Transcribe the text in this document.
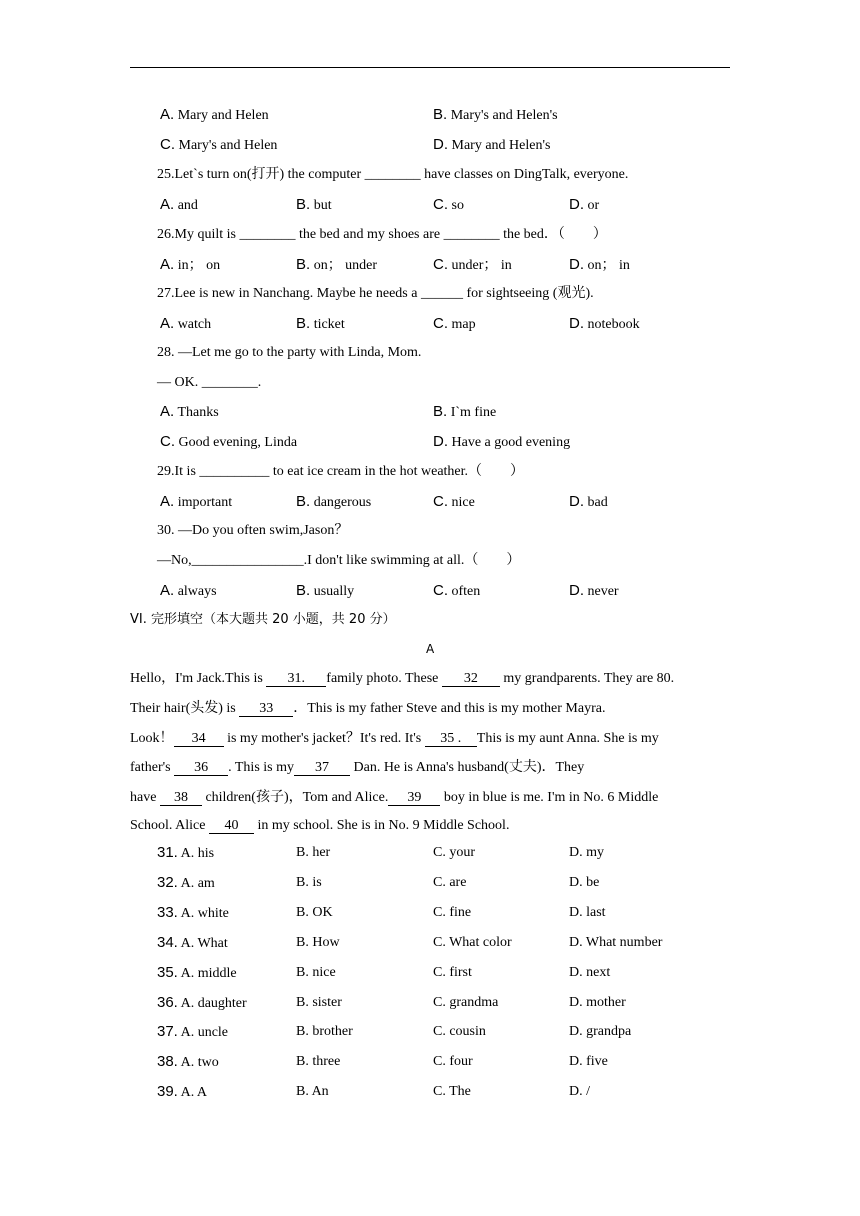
A. Mary and Helen	B. Mary's and Helen's
C. Mary's and Helen	D. Mary and Helen's
25.Let`s turn on(打开) the computer ________ have classes on DingTalk, everyone.
A. and	B. but	C. so	D. or
26.My quilt is ________ the bed and my shoes are ________ the bed．（　　）
A. in； on	B. on； under	C. under； in	D. on； in
27.Lee is new in Nanchang. Maybe he needs a ______ for sightseeing (观光).
A. watch	B. ticket	C. map	D. notebook
28. —Let me go to the party with Linda, Mom.
— OK. ________.
A. Thanks	B. I`m fine
C. Good evening, Linda	D. Have a good evening
29.It is __________ to eat ice cream in the hot weather.（　　）
A. important	B. dangerous	C. nice	D. bad
30. —Do you often swim,Jason？
—No,________________.I don't like swimming at all.（　　）
A. always	B. usually	C. often	D. never
VI. 完形填空（本大题共 20 小题，共 20 分）
A
Hello，I'm Jack.This is 31. family photo. These 32 my grandparents. They are 80.
Their hair(头发) is 33 ．This is my father Steve and this is my mother Mayra.
Look！ 34 is my mother's jacket？It's red. It's 35 . This is my aunt Anna. She is my
father's 36 . This is my 37 Dan. He is Anna's husband(丈夫)．They
have 38 children(孩子)，Tom and Alice. 39 boy in blue is me. I'm in No. 6 Middle
School. Alice 40 in my school. She is in No. 9 Middle School.
31. A. his	B. her	C. your	D. my
32. A. am	B. is	C. are	D. be
33. A. white	B. OK	C. fine	D. last
34. A. What	B. How	C. What color	D. What number
35. A. middle	B. nice	C. first	D. next
36. A. daughter	B. sister	C. grandma	D. mother
37. A. uncle	B. brother	C. cousin	D. grandpa
38. A. two	B. three	C. four	D. five
39. A. A	B. An	C. The	D. /
